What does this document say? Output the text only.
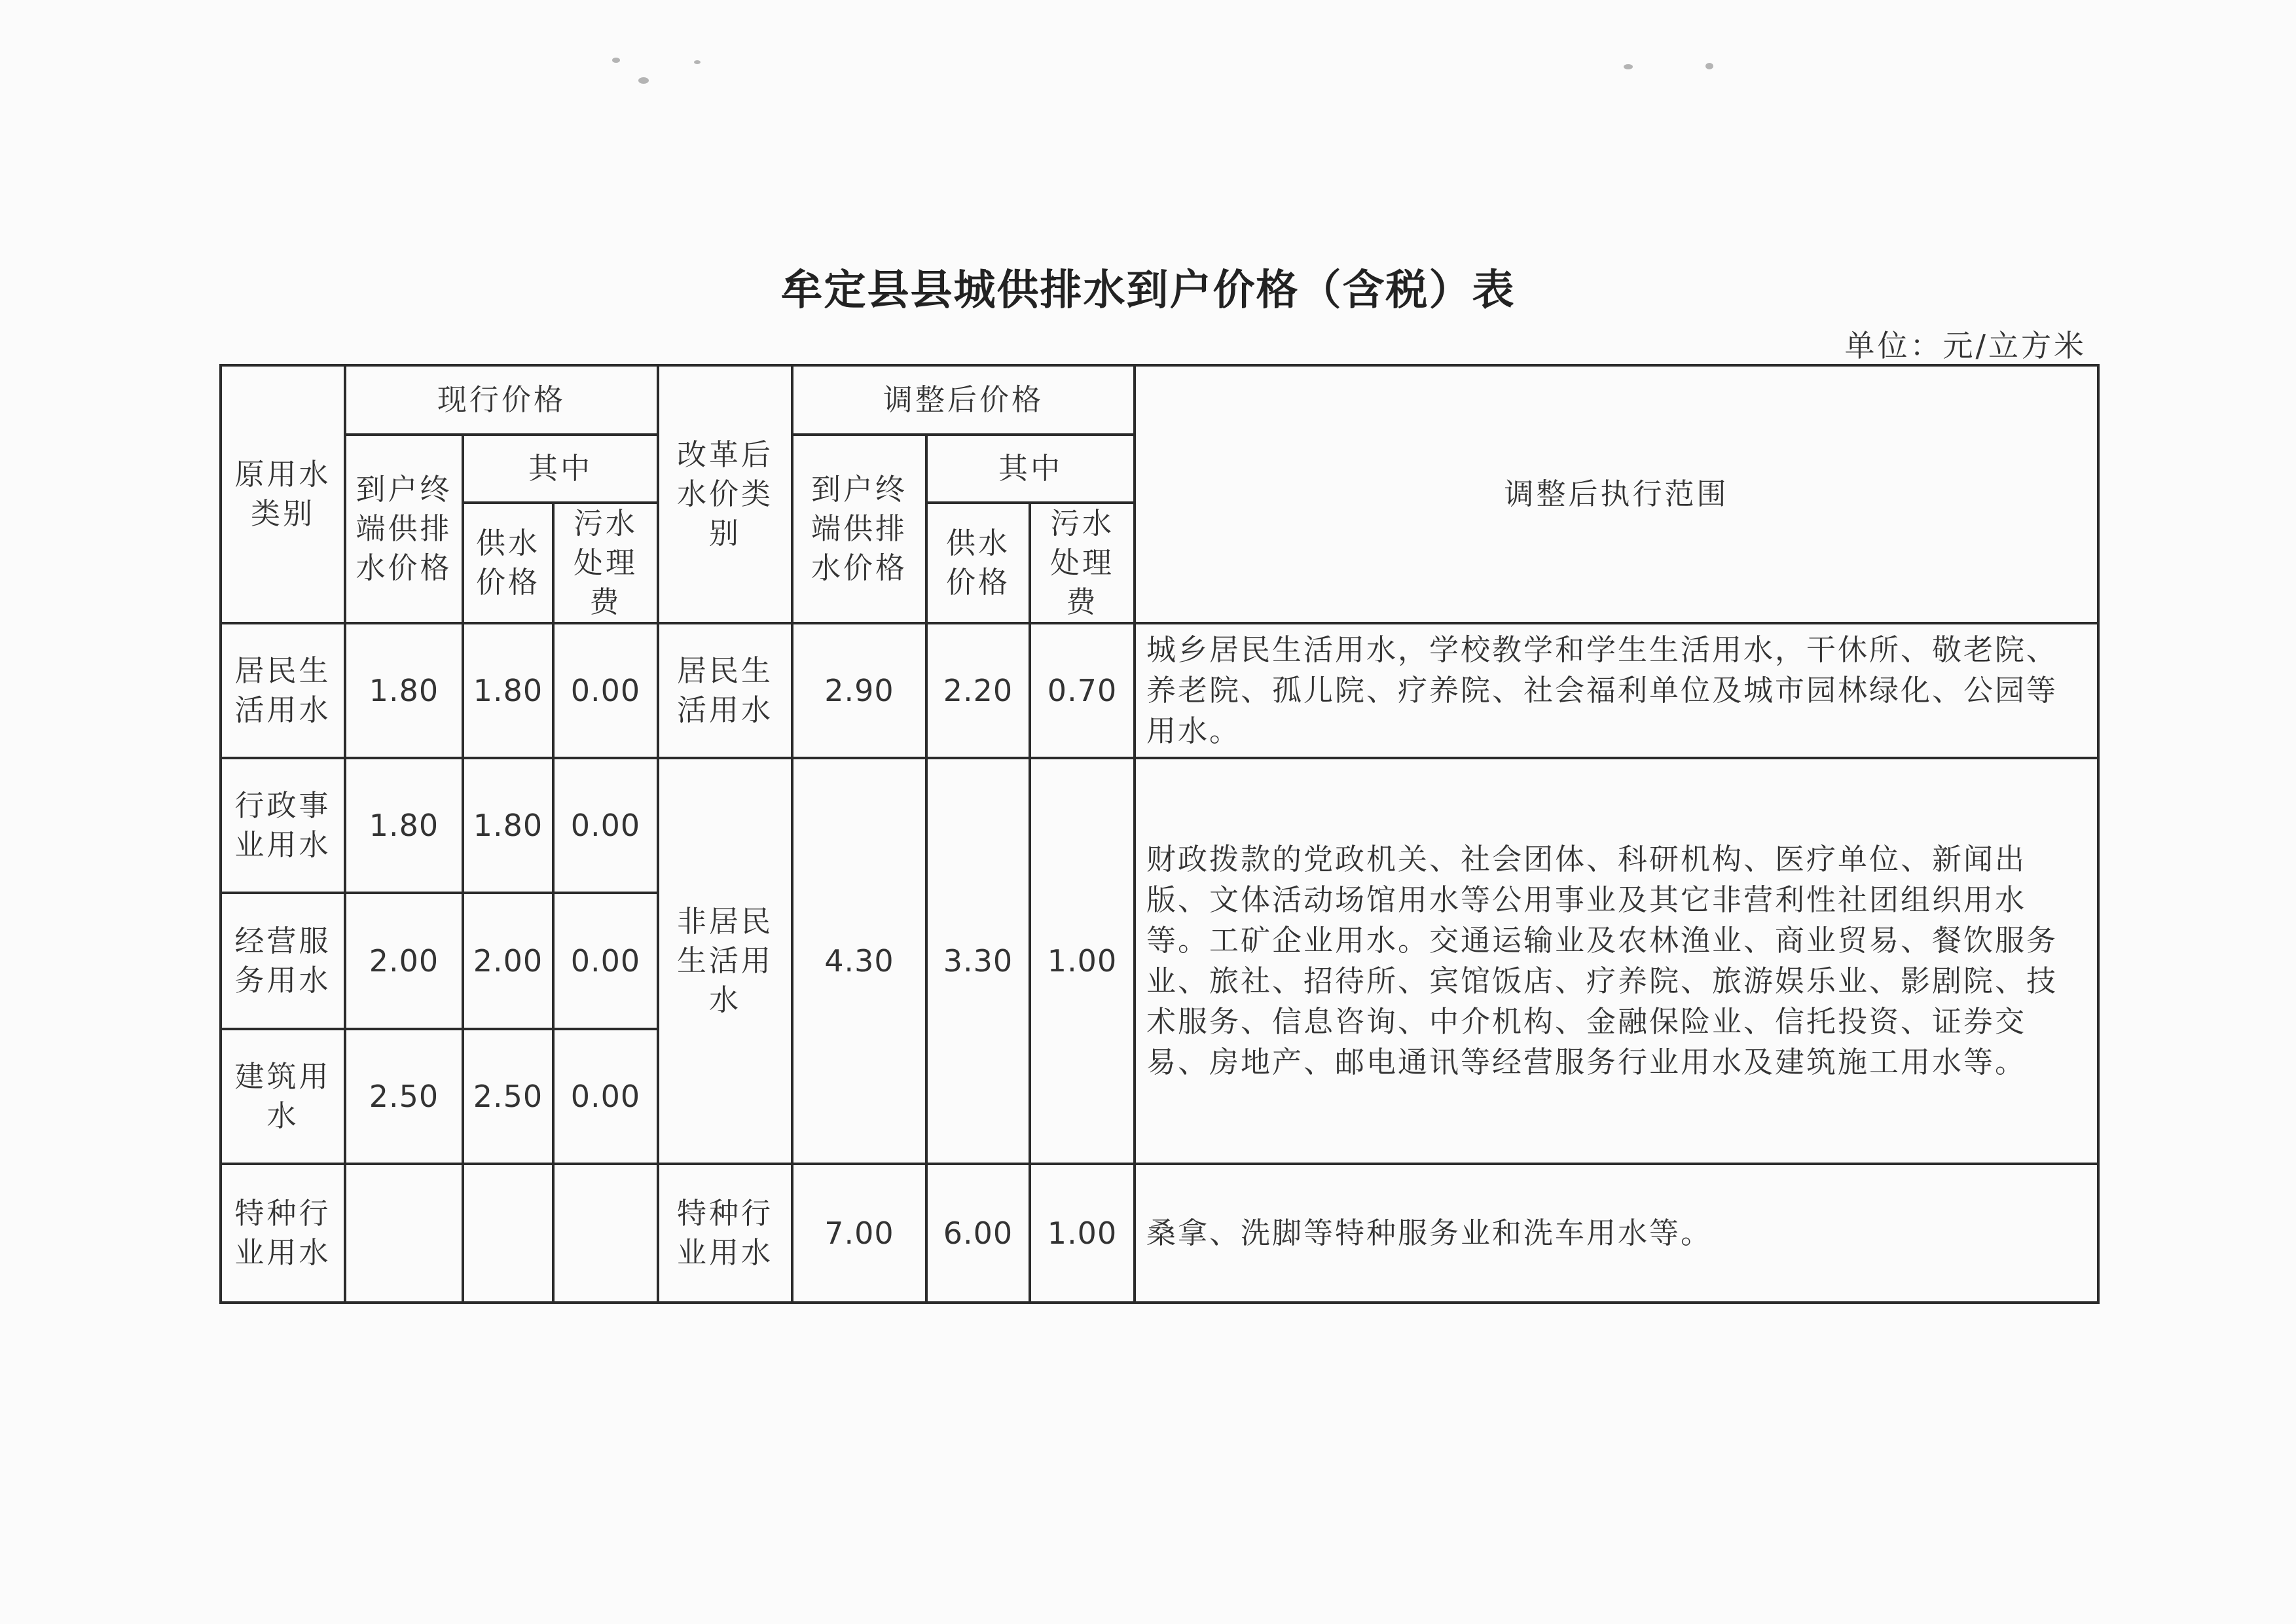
牟定县县城供排水到户价格（含税）表
单位：元/立方米
原用水类别	现行价格			改革后水价类别	调整后价格			调整后执行范围
	到户终端供排水价格	其中			到户终端供排水价格	其中		
		供水价格	污水处理费			供水价格	污水处理费	
居民生活用水	1.80	1.80	0.00	居民生活用水	2.90	2.20	0.70	城乡居民生活用水，学校教学和学生生活用水，干休所、敬老院、养老院、孤儿院、疗养院、社会福利单位及城市园林绿化、公园等用水。
行政事业用水	1.80	1.80	0.00	非居民生活用水	4.30	3.30	1.00	财政拨款的党政机关、社会团体、科研机构、医疗单位、新闻出版、文体活动场馆用水等公用事业及其它非营利性社团组织用水等。工矿企业用水。交通运输业及农林渔业、商业贸易、餐饮服务业、旅社、招待所、宾馆饭店、疗养院、旅游娱乐业、影剧院、技术服务、信息咨询、中介机构、金融保险业、信托投资、证券交易、房地产、邮电通讯等经营服务行业用水及建筑施工用水等。
经营服务用水	2.00	2.00	0.00					
建筑用水	2.50	2.50	0.00					
特种行业用水				特种行业用水	7.00	6.00	1.00	桑拿、洗脚等特种服务业和洗车用水等。
